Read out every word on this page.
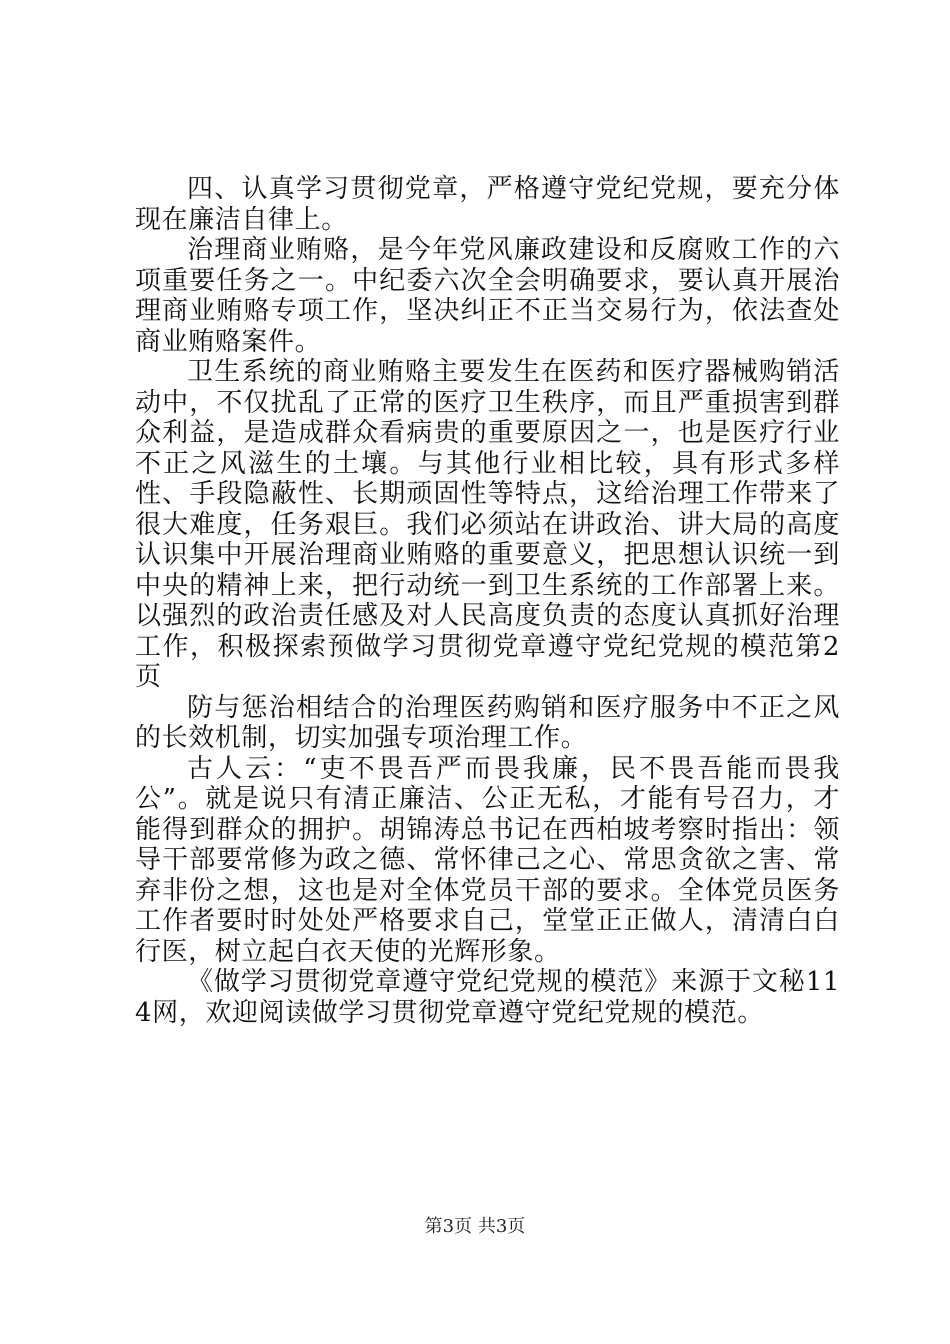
四、认真学习贯彻党章，严格遵守党纪党规，要充分体现在廉洁自律上。

治理商业贿赂，是今年党风廉政建设和反腐败工作的六项重要任务之一。中纪委六次全会明确要求，要认真开展治理商业贿赂专项工作，坚决纠正不正当交易行为，依法查处商业贿赂案件。

卫生系统的商业贿赂主要发生在医药和医疗器械购销活动中，不仅扰乱了正常的医疗卫生秩序，而且严重损害到群众利益，是造成群众看病贵的重要原因之一，也是医疗行业不正之风滋生的土壤。与其他行业相比较，具有形式多样性、手段隐蔽性、长期顽固性等特点，这给治理工作带来了很大难度，任务艰巨。我们必须站在讲政治、讲大局的高度认识集中开展治理商业贿赂的重要意义，把思想认识统一到中央的精神上来，把行动统一到卫生系统的工作部署上来。以强烈的政治责任感及对人民高度负责的态度认真抓好治理工作，积极探索预做学习贯彻党章遵守党纪党规的模范第2页

防与惩治相结合的治理医药购销和医疗服务中不正之风的长效机制，切实加强专项治理工作。

古人云：“吏不畏吾严而畏我廉，民不畏吾能而畏我公”。就是说只有清正廉洁、公正无私，才能有号召力，才能得到群众的拥护。胡锦涛总书记在西柏坡考察时指出：领导干部要常修为政之德、常怀律己之心、常思贪欲之害、常弃非份之想，这也是对全体党员干部的要求。全体党员医务工作者要时时处处严格要求自己，堂堂正正做人，清清白白行医，树立起白衣天使的光辉形象。

《做学习贯彻党章遵守党纪党规的模范》来源于文秘114网，欢迎阅读做学习贯彻党章遵守党纪党规的模范。

第3页 共3页
